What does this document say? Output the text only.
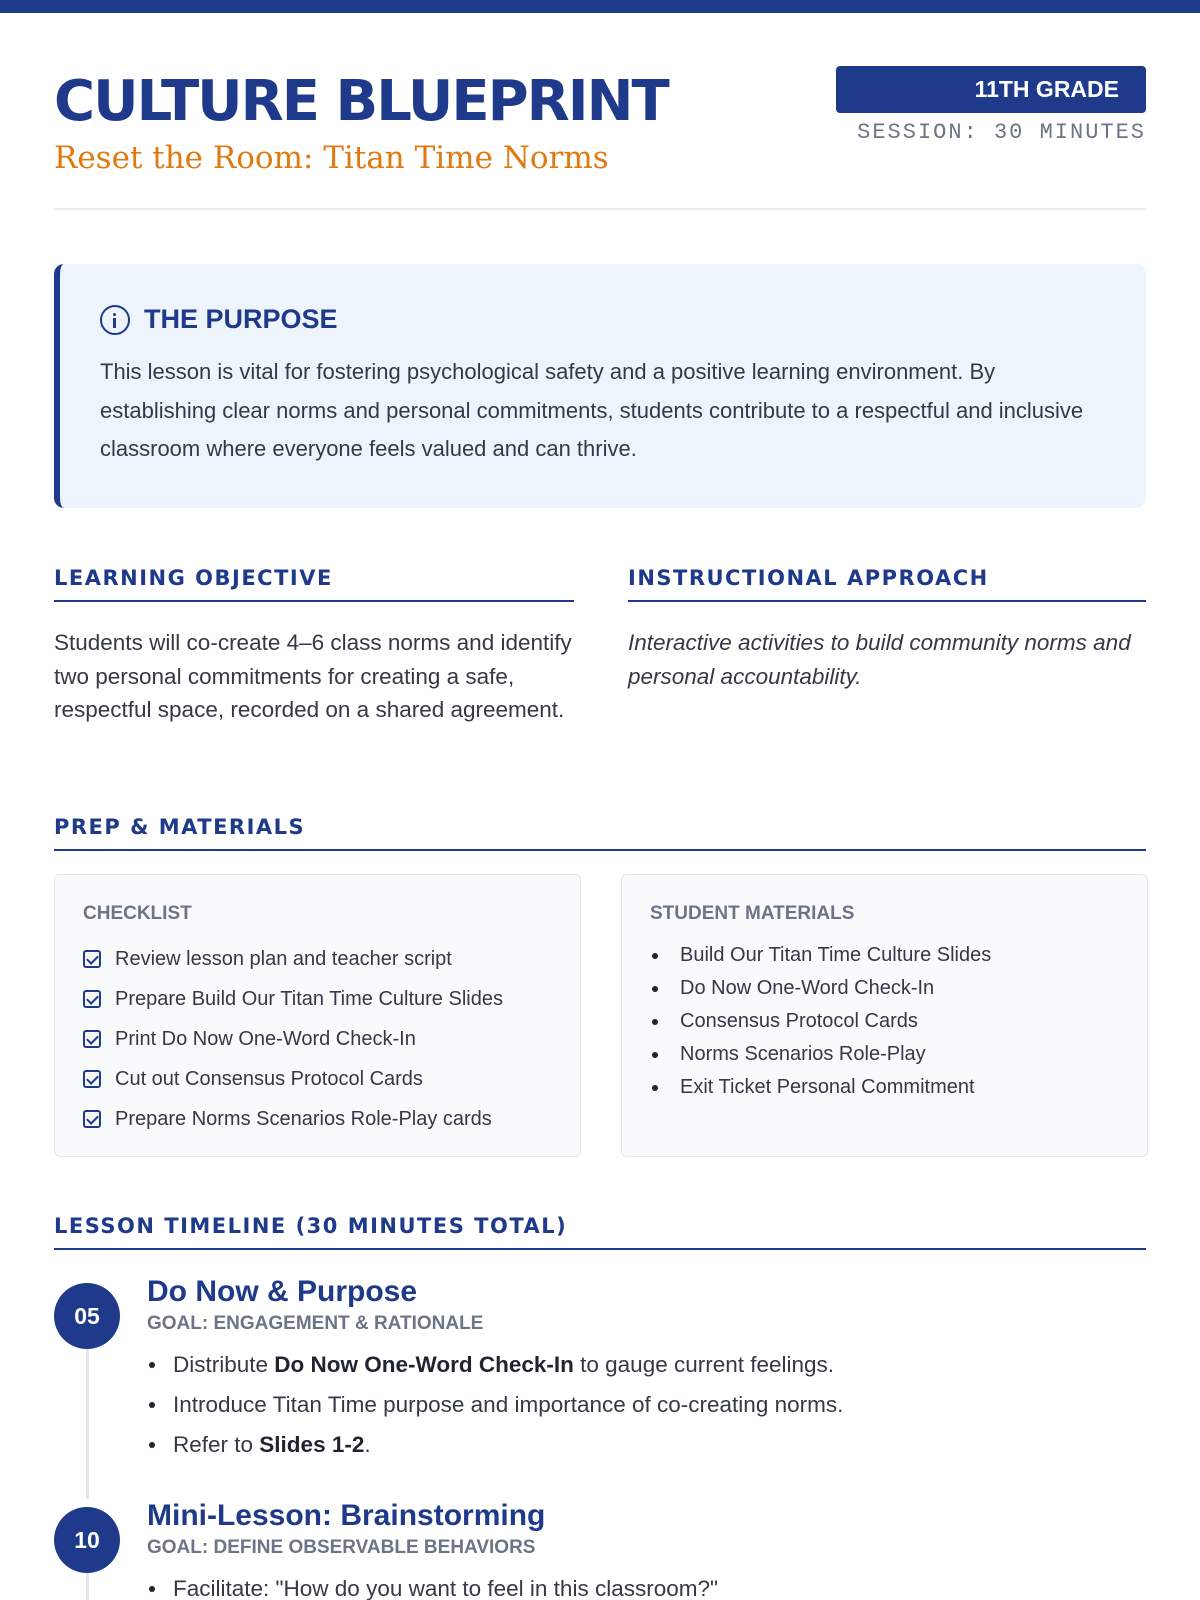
CULTURE BLUEPRINT
Reset the Room: Titan Time Norms
11TH GRADE
SESSION: 30 MINUTES
THE PURPOSE

This lesson is vital for fostering psychological safety and a positive learning environment. By establishing clear norms and personal commitments, students contribute to a respectful and inclusive classroom where everyone feels valued and can thrive.

LEARNING OBJECTIVE

Students will co-create 4–6 class norms and identify two personal commitments for creating a safe, respectful space, recorded on a shared agreement.

INSTRUCTIONAL APPROACH

Interactive activities to build community norms and personal accountability.

PREP & MATERIALS
CHECKLIST
Review lesson plan and teacher script
Prepare Build Our Titan Time Culture Slides
Print Do Now One-Word Check-In
Cut out Consensus Protocol Cards
Prepare Norms Scenarios Role-Play cards
STUDENT MATERIALS
Build Our Titan Time Culture Slides
Do Now One-Word Check-In
Consensus Protocol Cards
Norms Scenarios Role-Play
Exit Ticket Personal Commitment
LESSON TIMELINE (30 MINUTES TOTAL)
05
Do Now & Purpose
GOAL: ENGAGEMENT & RATIONALE
Distribute Do Now One-Word Check-In to gauge current feelings.
Introduce Titan Time purpose and importance of co-creating norms.
Refer to Slides 1-2.
10
Mini-Lesson: Brainstorming
GOAL: DEFINE OBSERVABLE BEHAVIORS
Facilitate: "How do you want to feel in this classroom?"
